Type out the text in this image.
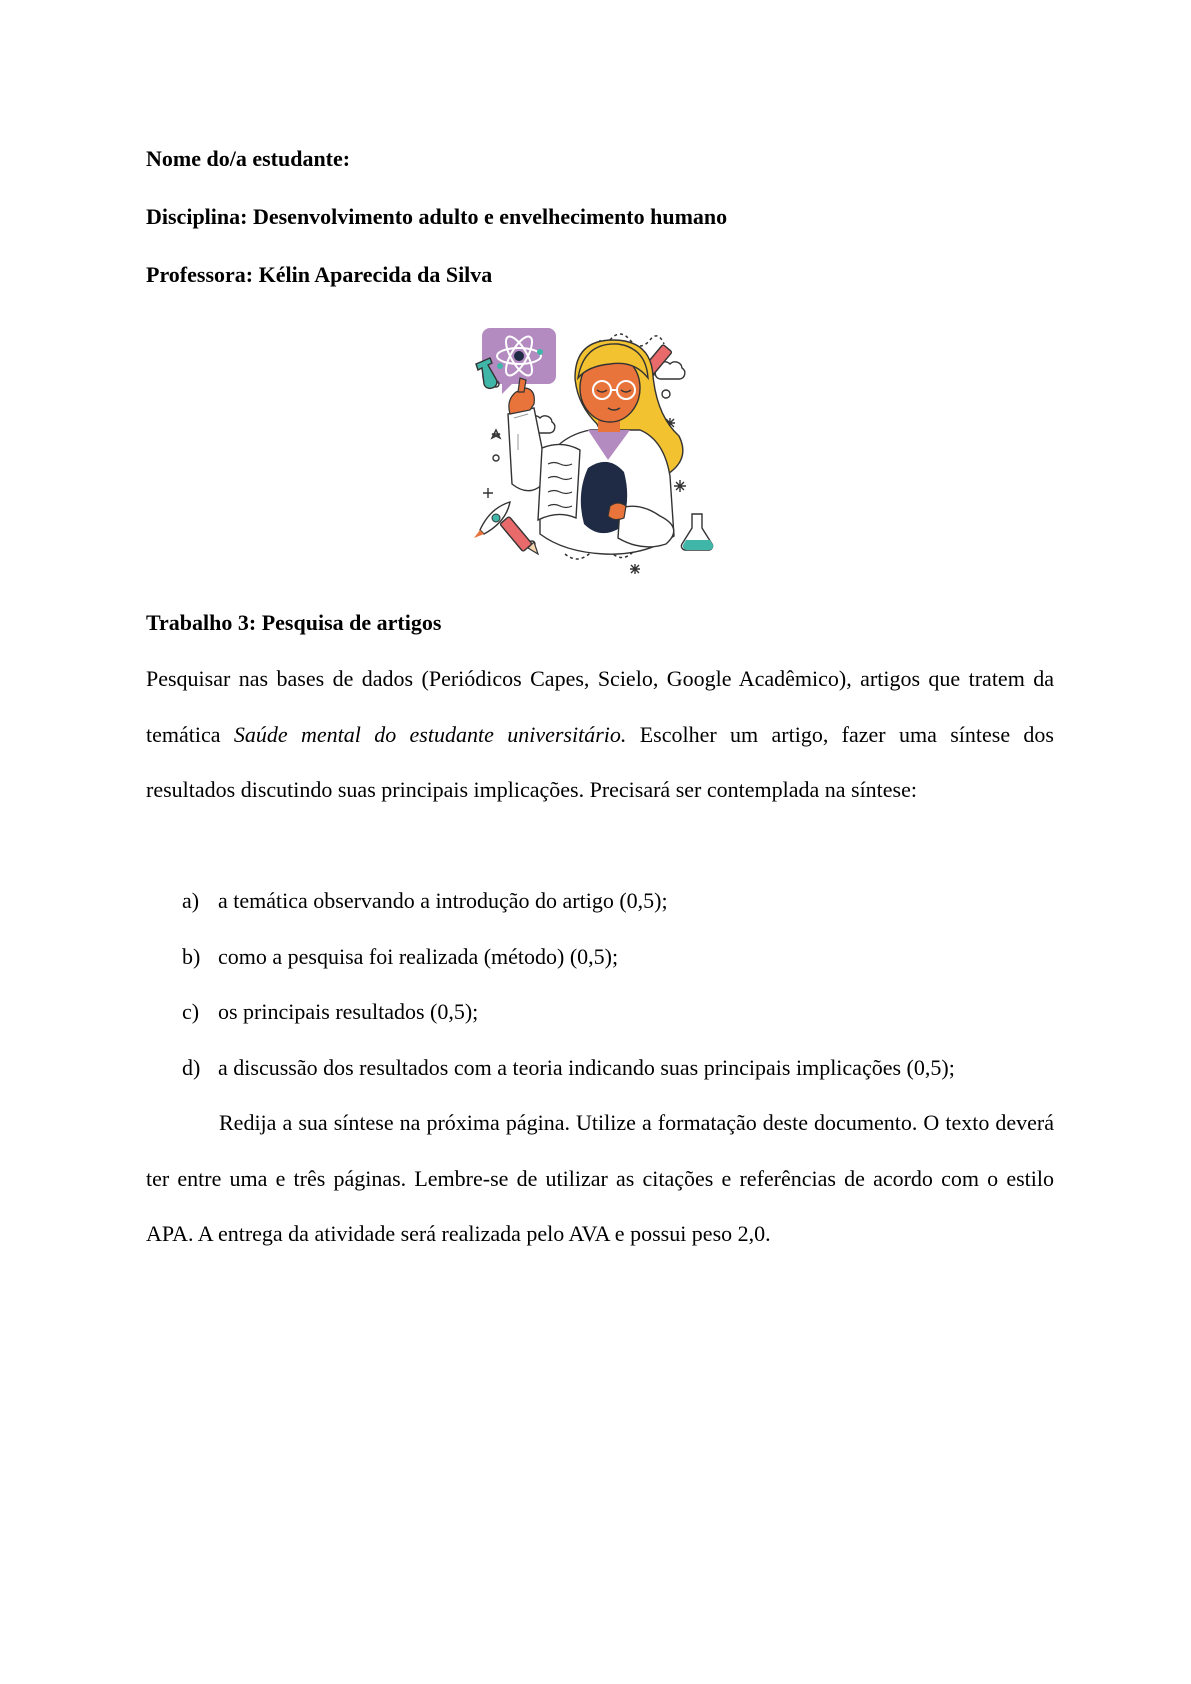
Nome do/a estudante:
Disciplina: Desenvolvimento adulto e envelhecimento humano
Professora: Kélin Aparecida da Silva
Trabalho 3: Pesquisa de artigos

Pesquisar nas bases de dados (Periódicos Capes, Scielo, Google Acadêmico), artigos que tratem da temática Saúde mental do estudante universitário. Escolher um artigo, fazer uma síntese dos resultados discutindo suas principais implicações. Precisará ser contemplada na síntese:

a) a temática observando a introdução do artigo (0,5);
b) como a pesquisa foi realizada (método) (0,5);
c) os principais resultados (0,5);
d) a discussão dos resultados com a teoria indicando suas principais implicações (0,5);

Redija a sua síntese na próxima página. Utilize a formatação deste documento. O texto deverá ter entre uma e três páginas. Lembre-se de utilizar as citações e referências de acordo com o estilo APA. A entrega da atividade será realizada pelo AVA e possui peso 2,0.
